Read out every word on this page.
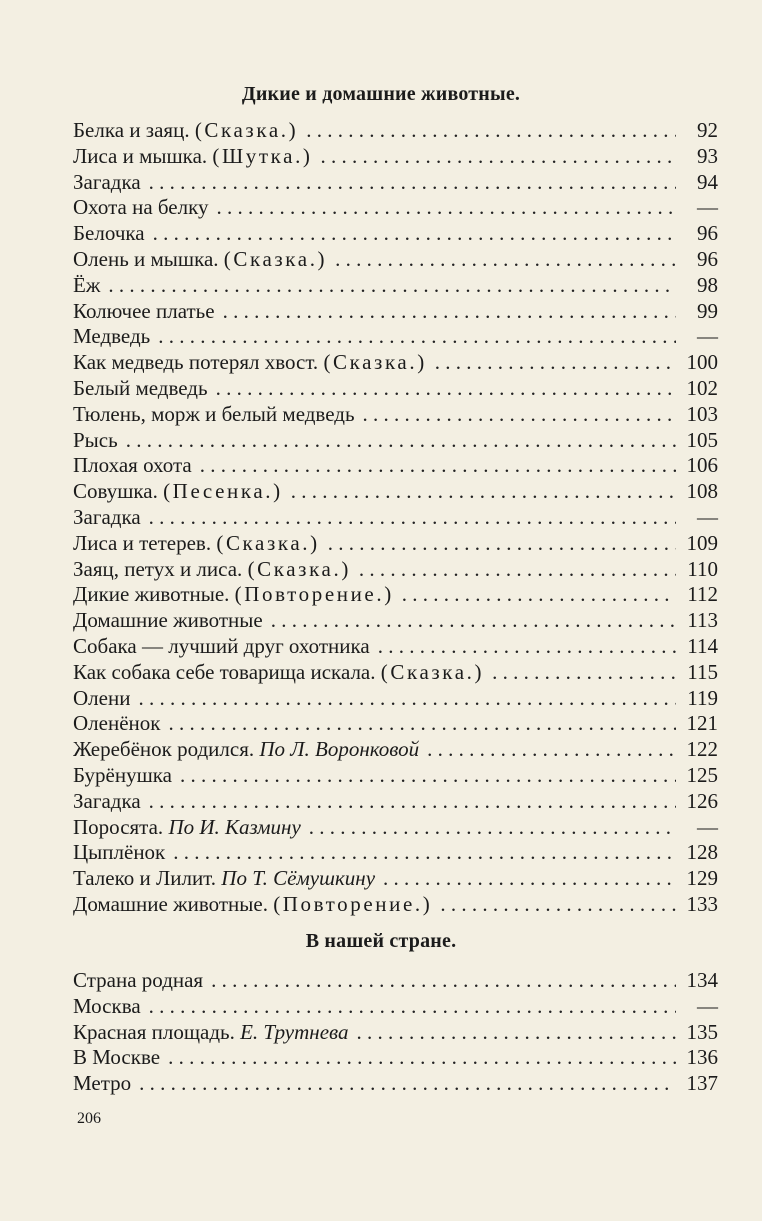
Дикие и домашние животные.
Белка и заяц. (Сказка.) . . .	92
Лиса и мышка. (Шутка.) . . .	93
Загадка . . .	94
Охота на белку . . .	—
Белочка . . .	96
Олень и мышка. (Сказка.) . . .	96
Ёж . . .	98
Колючее платье . . .	99
Медведь . . .	—
Как медведь потерял хвост. (Сказка.) . . .	100
Белый медведь . . .	102
Тюлень, морж и белый медведь . . .	103
Рысь . . .	105
Плохая охота . . .	106
Совушка. (Песенка.) . . .	108
Загадка . . .	—
Лиса и тетерев. (Сказка.) . . .	109
Заяц, петух и лиса. (Сказка.) . . .	110
Дикие животные. (Повторение.) . . .	112
Домашние животные . . .	113
Собака — лучший друг охотника . . .	114
Как собака себе товарища искала. (Сказка.) . . .	115
Олени . . .	119
Оленёнок . . .	121
Жеребёнок родился. По Л. Воронковой . . .	122
Бурёнушка . . .	125
Загадка . . .	126
Поросята. По И. Казмину . . .	—
Цыплёнок . . .	128
Талеко и Лилит. По Т. Сёмушкину . . .	129
Домашние животные. (Повторение.) . . .	133
В нашей стране.
Страна родная . . .	134
Москва . . .	—
Красная площадь. Е. Трутнева . . .	135
В Москве . . .	136
Метро . . .	137
206
